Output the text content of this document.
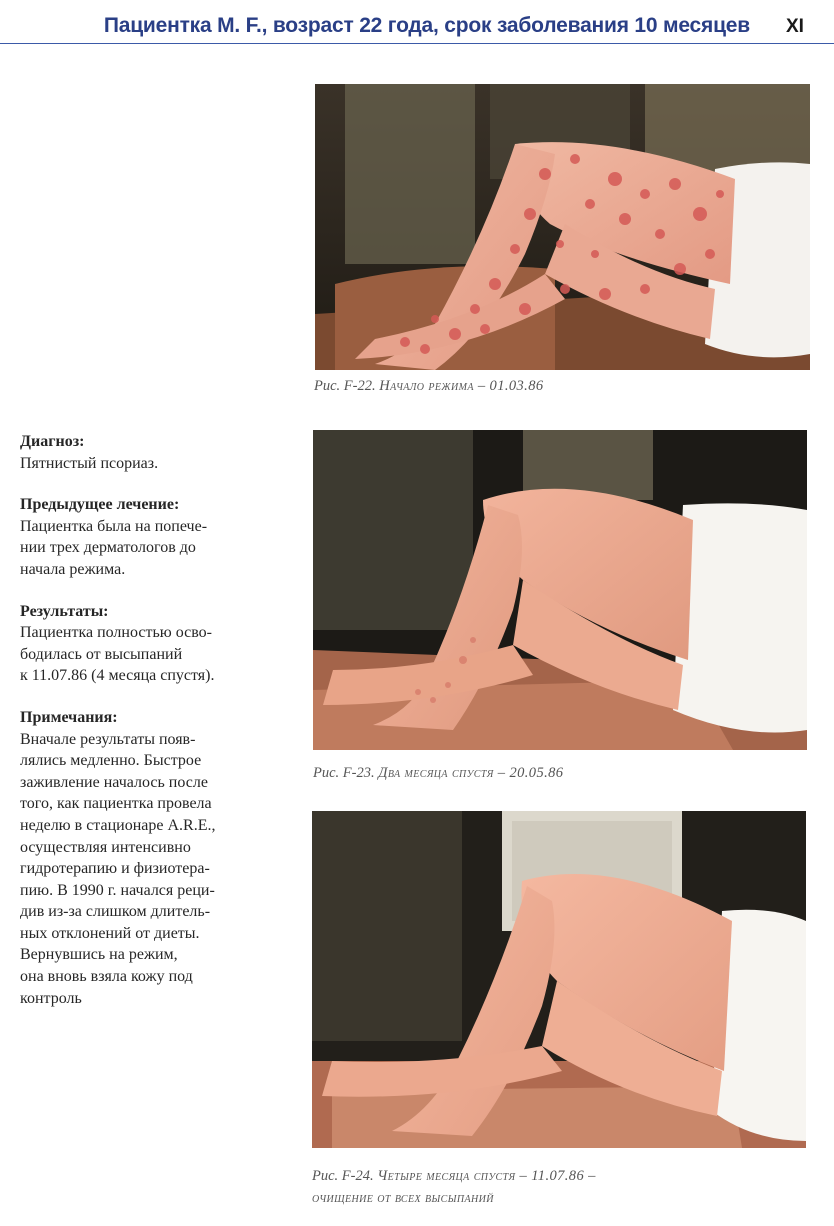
Пациентка М. F., возраст 22 года, срок заболевания 10 месяцев XI
Рис. F-22. Начало режима – 01.03.86
Рис. F-23. Два месяца спустя – 20.05.86
Рис. F-24. Четыре месяца спустя – 11.07.86 –
очищение от всех высыпаний

Диагноз:
Пятнистый псориаз.

Предыдущее лечение:
Пациентка была на попече-
нии трех дерматологов до
начала режима.

Результаты:
Пациентка полностью осво-
бодилась от высыпаний
к 11.07.86 (4 месяца спустя).

Примечания:
Вначале результаты появ-
лялись медленно. Быстрое
заживление началось после
того, как пациентка провела
неделю в стационаре A.R.E.,
осуществляя интенсивно
гидротерапию и физиотера-
пию. В 1990 г. начался реци-
див из-за слишком длитель-
ных отклонений от диеты.
Вернувшись на режим,
она вновь взяла кожу под
контроль
